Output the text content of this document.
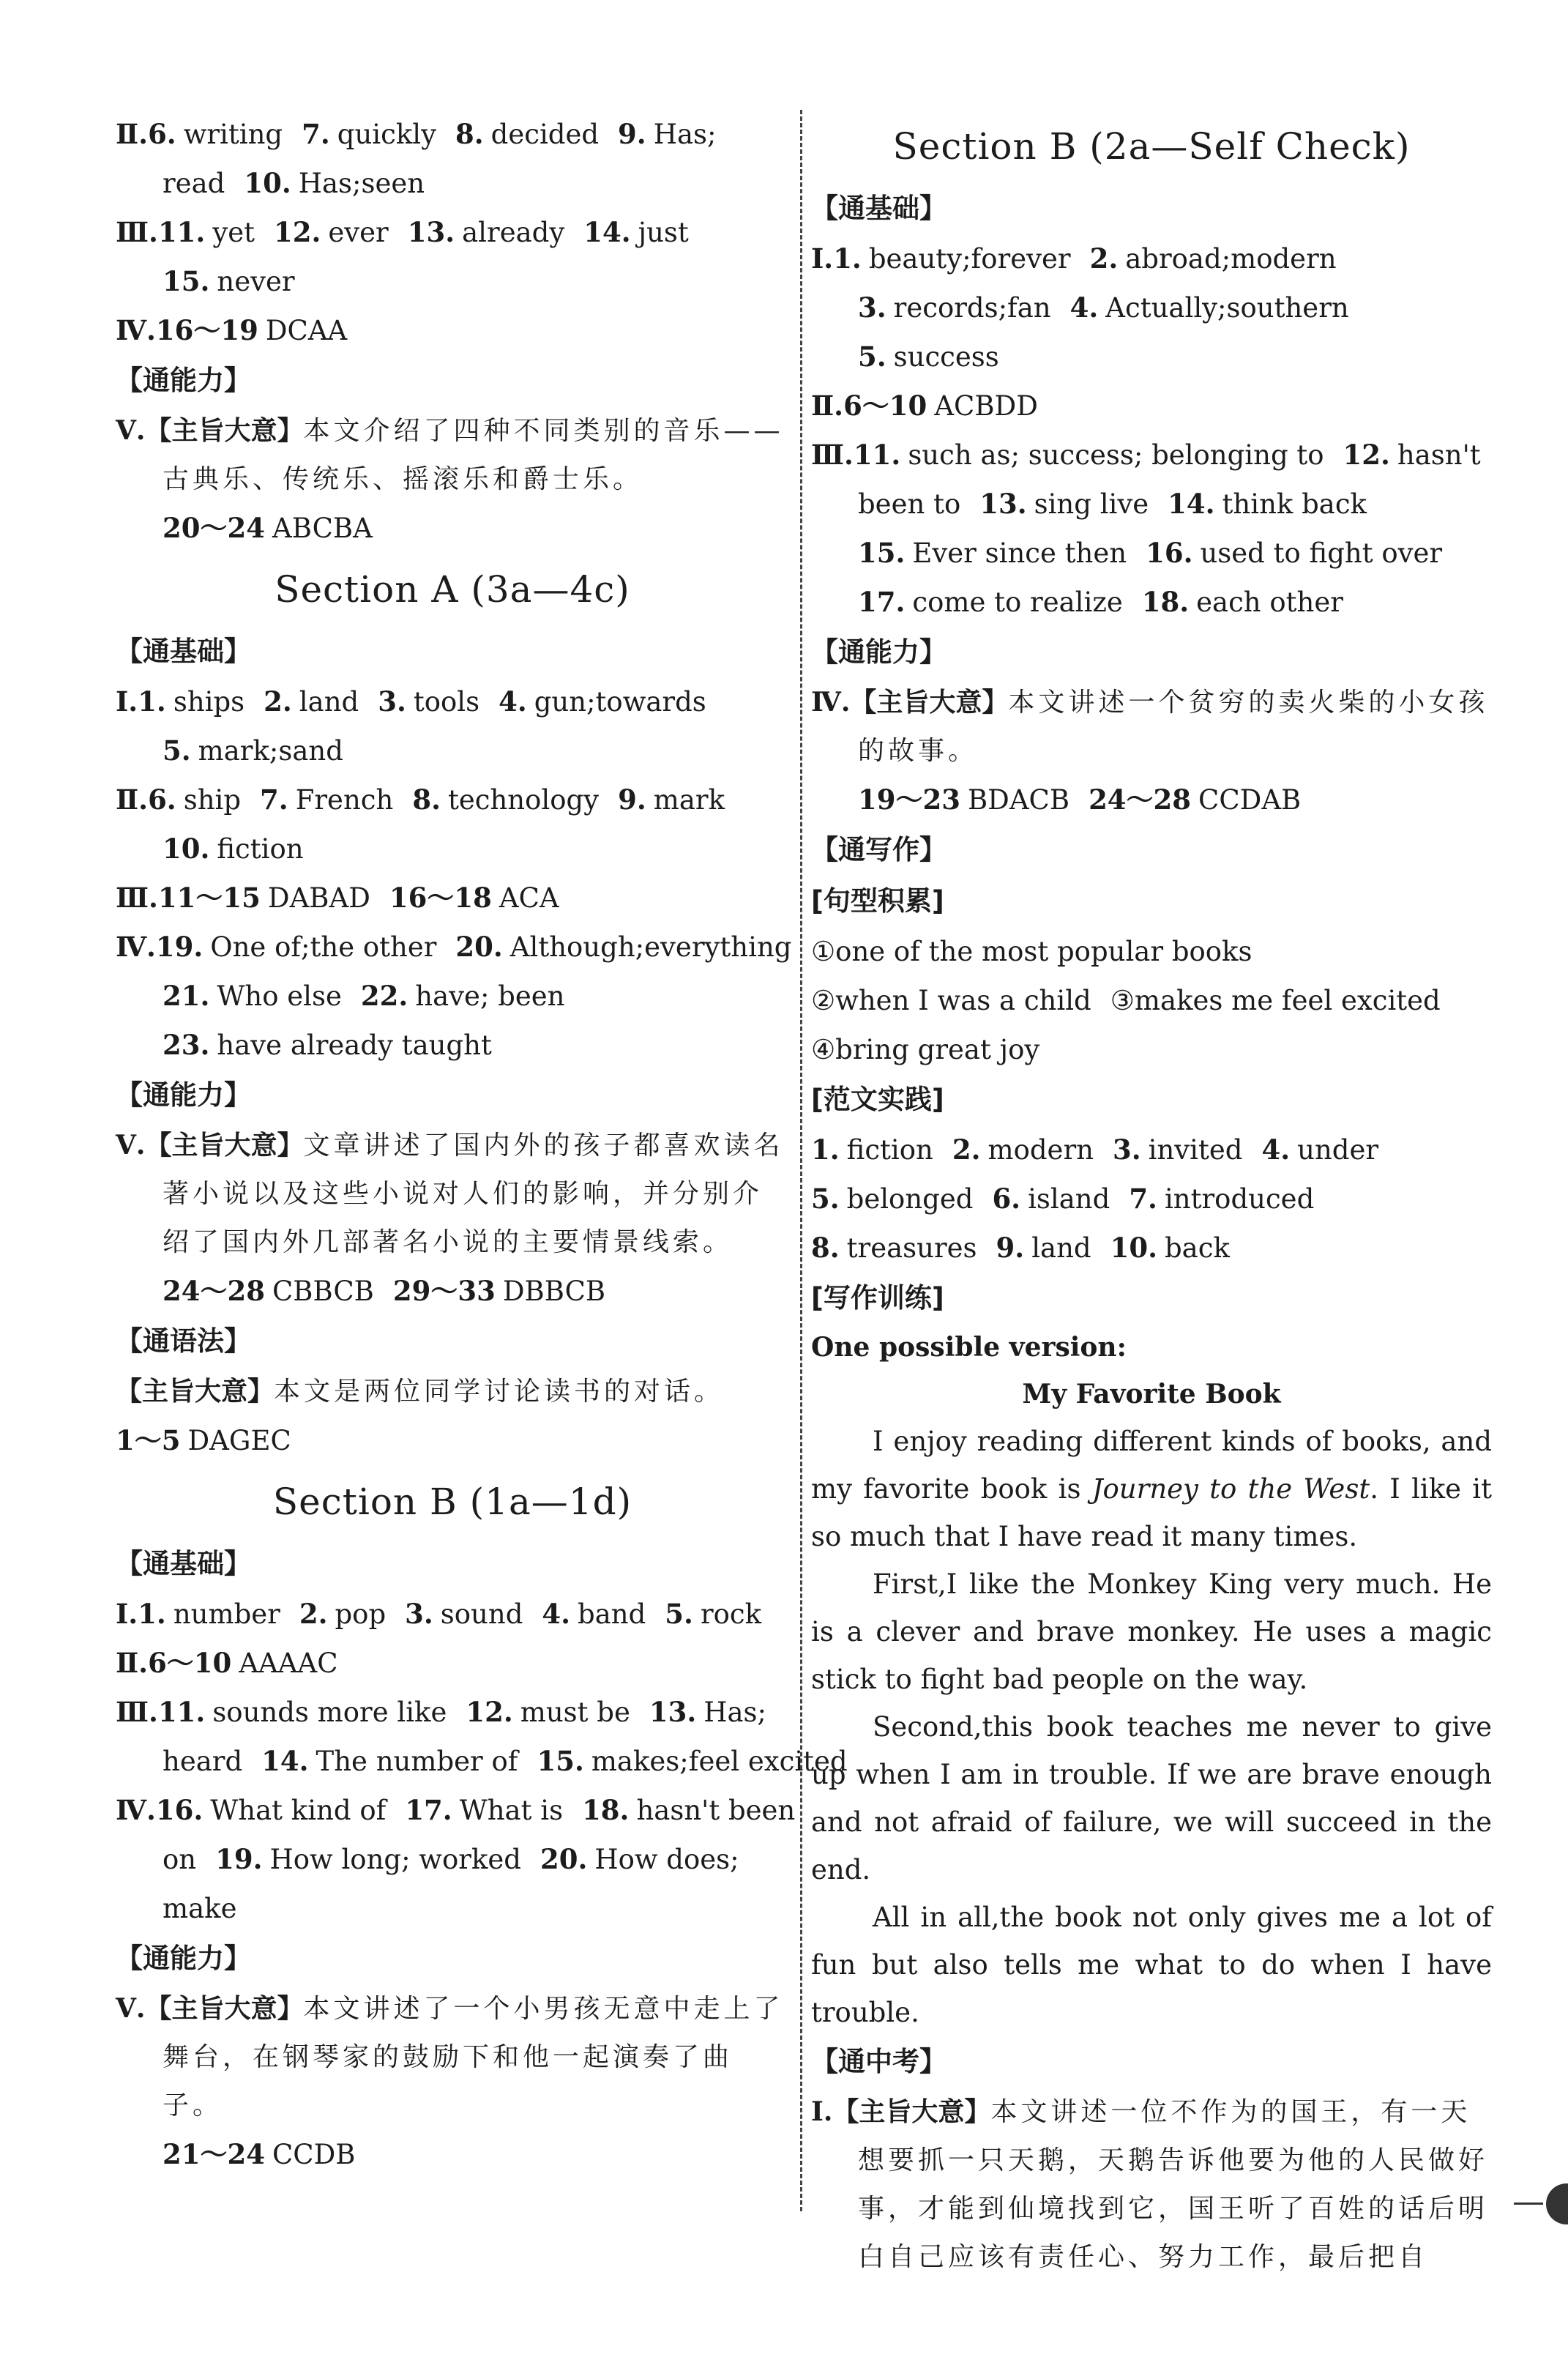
Ⅱ.6. writing 7. quickly 8. decided 9. Has;
read 10. Has;seen
Ⅲ.11. yet 12. ever 13. already 14. just
15. never
Ⅳ.16～19 DCAA
【通能力】
Ⅴ.【主旨大意】本文介绍了四种不同类别的音乐——古典乐、传统乐、摇滚乐和爵士乐。
20～24 ABCBA
Section A (3a—4c)
【通基础】
Ⅰ.1. ships 2. land 3. tools 4. gun;towards
5. mark;sand
Ⅱ.6. ship 7. French 8. technology 9. mark
10. fiction
Ⅲ.11～15 DABAD 16～18 ACA
Ⅳ.19. One of;the other 20. Although;everything
21. Who else 22. have; been
23. have already taught
【通能力】
Ⅴ.【主旨大意】文章讲述了国内外的孩子都喜欢读名著小说以及这些小说对人们的影响，并分别介绍了国内外几部著名小说的主要情景线索。
24～28 CBBCB 29～33 DBBCB
【通语法】
【主旨大意】本文是两位同学讨论读书的对话。
1～5 DAGEC
Section B (1a—1d)
【通基础】
Ⅰ.1. number 2. pop 3. sound 4. band 5. rock
Ⅱ.6～10 AAAAC
Ⅲ.11. sounds more like 12. must be 13. Has;
heard 14. The number of 15. makes;feel excited
Ⅳ.16. What kind of 17. What is 18. hasn't been
on 19. How long; worked 20. How does;
make
【通能力】
Ⅴ.【主旨大意】本文讲述了一个小男孩无意中走上了舞台，在钢琴家的鼓励下和他一起演奏了曲子。
21～24 CCDB
Section B (2a—Self Check)
【通基础】
Ⅰ.1. beauty;forever 2. abroad;modern
3. records;fan 4. Actually;southern
5. success
Ⅱ.6～10 ACBDD
Ⅲ.11. such as; success; belonging to 12. hasn't
been to 13. sing live 14. think back
15. Ever since then 16. used to fight over
17. come to realize 18. each other
【通能力】
Ⅳ.【主旨大意】本文讲述一个贫穷的卖火柴的小女孩的故事。
19～23 BDACB 24～28 CCDAB
【通写作】
[句型积累]
①one of the most popular books
②when I was a child ③makes me feel excited
④bring great joy
[范文实践]
1. fiction 2. modern 3. invited 4. under
5. belonged 6. island 7. introduced
8. treasures 9. land 10. back
[写作训练]
One possible version:
My Favorite Book

I enjoy reading different kinds of books, and my favorite book is Journey to the West. I like it so much that I have read it many times.

First,I like the Monkey King very much. He is a clever and brave monkey. He uses a magic stick to fight bad people on the way.

Second,this book teaches me never to give up when I am in trouble. If we are brave enough and not afraid of failure, we will succeed in the end.

All in all,the book not only gives me a lot of fun but also tells me what to do when I have trouble.

【通中考】
Ⅰ.【主旨大意】本文讲述一位不作为的国王，有一天想要抓一只天鹅，天鹅告诉他要为他的人民做好事，才能到仙境找到它，国王听了百姓的话后明白自己应该有责任心、努力工作，最后把自
